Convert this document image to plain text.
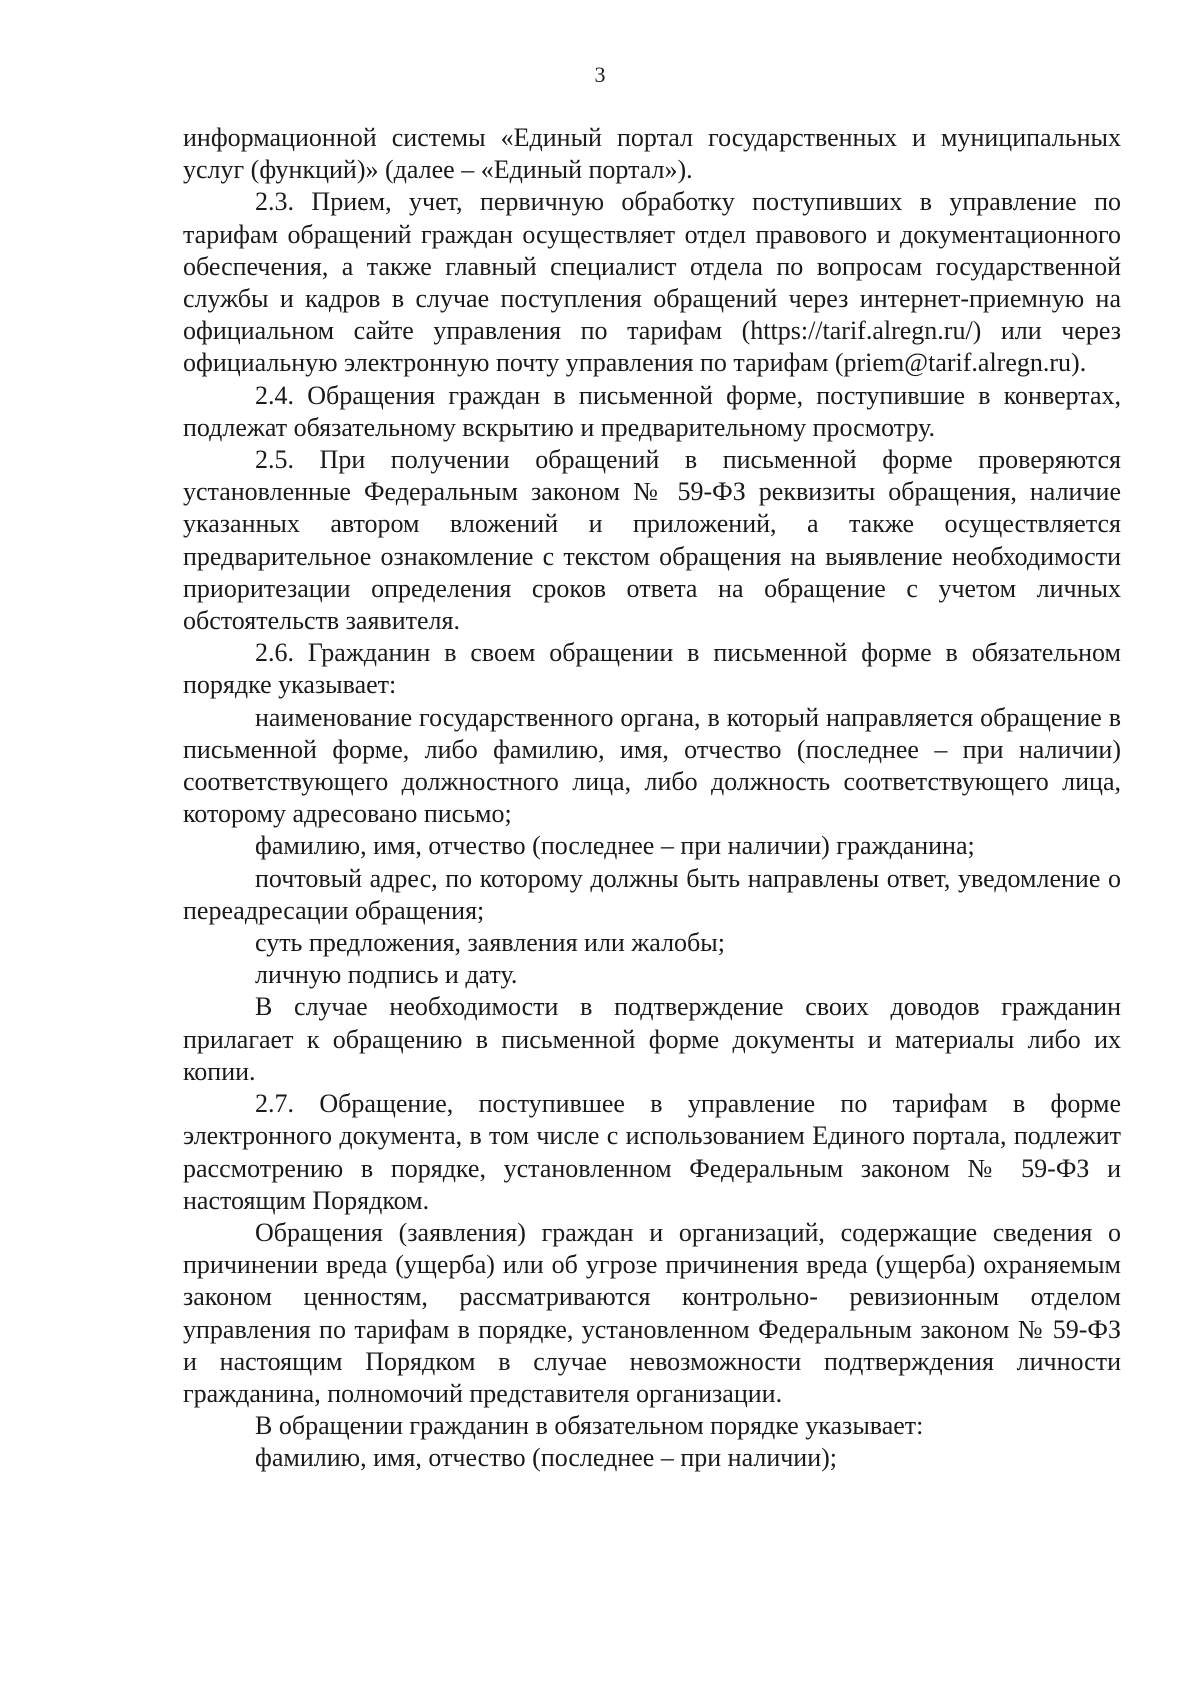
3

информационной системы «Единый портал государственных и муниципальных услуг (функций)» (далее – «Единый портал»).

2.3. Прием, учет, первичную обработку поступивших в управление по тарифам обращений граждан осуществляет отдел правового и документационного обеспечения, а также главный специалист отдела по вопросам государственной службы и кадров в случае поступления обращений через интернет-приемную на официальном сайте управления по тарифам (https://tarif.alregn.ru/) или через официальную электронную почту управления по тарифам (priem@tarif.alregn.ru).

2.4. Обращения граждан в письменной форме, поступившие в конвертах, подлежат обязательному вскрытию и предварительному просмотру.

2.5. При получении обращений в письменной форме проверяются установленные Федеральным законом № 59-ФЗ реквизиты обращения, наличие указанных автором вложений и приложений, а также осуществляется предварительное ознакомление с текстом обращения на выявление необходимости приоритезации определения сроков ответа на обращение с учетом личных обстоятельств заявителя.

2.6. Гражданин в своем обращении в письменной форме в обязательном порядке указывает:

наименование государственного органа, в который направляется обращение в письменной форме, либо фамилию, имя, отчество (последнее – при наличии) соответствующего должностного лица, либо должность соответствующего лица, которому адресовано письмо;

фамилию, имя, отчество (последнее – при наличии) гражданина;

почтовый адрес, по которому должны быть направлены ответ, уведомление о переадресации обращения;

суть предложения, заявления или жалобы;

личную подпись и дату.

В случае необходимости в подтверждение своих доводов гражданин прилагает к обращению в письменной форме документы и материалы либо их копии.

2.7. Обращение, поступившее в управление по тарифам в форме электронного документа, в том числе с использованием Единого портала, подлежит рассмотрению в порядке, установленном Федеральным законом № 59-ФЗ и настоящим Порядком.

Обращения (заявления) граждан и организаций, содержащие сведения о причинении вреда (ущерба) или об угрозе причинения вреда (ущерба) охраняемым законом ценностям, рассматриваются контрольно- ревизионным отделом управления по тарифам в порядке, установленном Федеральным законом № 59-ФЗ и настоящим Порядком в случае невозможности подтверждения личности гражданина, полномочий представителя организации.

В обращении гражданин в обязательном порядке указывает:

фамилию, имя, отчество (последнее – при наличии);
